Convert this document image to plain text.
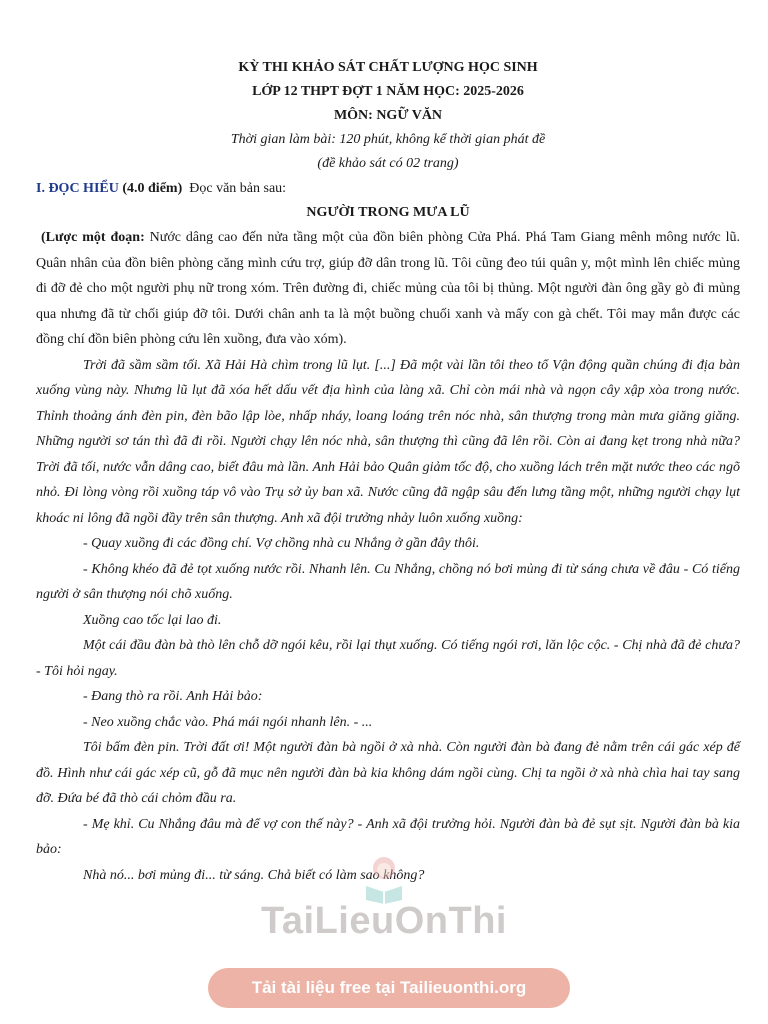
KỲ THI KHẢO SÁT CHẤT LƯỢNG HỌC SINH
LỚP 12 THPT ĐỢT 1 NĂM HỌC: 2025-2026
MÔN: NGỮ VĂN
Thời gian làm bài: 120 phút, không kể thời gian phát đề
(đề khảo sát có 02 trang)
I. ĐỌC HIỂU (4.0 điểm) Đọc văn bản sau:
NGƯỜI TRONG MƯA LŨ

(Lược một đoạn: Nước dâng cao đến nửa tầng một của đồn biên phòng Cửa Phá. Phá Tam Giang mênh mông nước lũ. Quân nhân của đồn biên phòng căng mình cứu trợ, giúp đỡ dân trong lũ. Tôi cũng đeo túi quân y, một mình lên chiếc mủng đi đỡ đẻ cho một người phụ nữ trong xóm. Trên đường đi, chiếc mủng của tôi bị thủng. Một người đàn ông gầy gò đi mủng qua nhưng đã từ chối giúp đỡ tôi. Dưới chân anh ta là một buồng chuối xanh và mấy con gà chết. Tôi may mắn được các đồng chí đồn biên phòng cứu lên xuồng, đưa vào xóm).

Trời đã sầm sầm tối. Xã Hải Hà chìm trong lũ lụt. [...] Đã một vài lần tôi theo tổ Vận động quần chúng đi địa bàn xuống vùng này. Nhưng lũ lụt đã xóa hết dấu vết địa hình của làng xã. Chỉ còn mái nhà và ngọn cây xập xòa trong nước. Thỉnh thoảng ánh đèn pin, đèn bão lập lòe, nhấp nháy, loang loáng trên nóc nhà, sân thượng trong màn mưa giăng giăng. Những người sơ tán thì đã đi rồi. Người chạy lên nóc nhà, sân thượng thì cũng đã lên rồi. Còn ai đang kẹt trong nhà nữa? Trời đã tối, nước vẫn dâng cao, biết đâu mà lần. Anh Hải bảo Quân giảm tốc độ, cho xuồng lách trên mặt nước theo các ngõ nhỏ. Đi lòng vòng rồi xuồng táp vô vào Trụ sở ủy ban xã. Nước cũng đã ngập sâu đến lưng tầng một, những người chạy lụt khoác ni lông đã ngồi đầy trên sân thượng. Anh xã đội trưởng nhảy luôn xuống xuồng:

- Quay xuồng đi các đồng chí. Vợ chồng nhà cu Nhắng ở gần đây thôi.

- Không khéo đã đẻ tọt xuống nước rồi. Nhanh lên. Cu Nhắng, chồng nó bơi mủng đi từ sáng chưa về đâu - Có tiếng người ở sân thượng nói chõ xuống.

Xuồng cao tốc lại lao đi.

Một cái đầu đàn bà thò lên chỗ dỡ ngói kêu, rồi lại thụt xuống. Có tiếng ngói rơi, lăn lộc cộc. - Chị nhà đã đẻ chưa? - Tôi hỏi ngay.

- Đang thò ra rồi. Anh Hải bảo:

- Neo xuồng chắc vào. Phá mái ngói nhanh lên. - ...

Tôi bấm đèn pin. Trời đất ơi! Một người đàn bà ngồi ở xà nhà. Còn người đàn bà đang đẻ nằm trên cái gác xép để đồ. Hình như cái gác xép cũ, gỗ đã mục nên người đàn bà kia không dám ngồi cùng. Chị ta ngồi ở xà nhà chìa hai tay sang đỡ. Đứa bé đã thò cái chỏm đầu ra.

- Mẹ khỉ. Cu Nhắng đâu mà để vợ con thế này? - Anh xã đội trưởng hỏi. Người đàn bà đẻ sụt sịt. Người đàn bà kia bảo:

Nhà nó... bơi mủng đi... từ sáng. Chả biết có làm sao không?

TaiLieuOnThi
Tải tài liệu free tại Tailieuonthi.org
